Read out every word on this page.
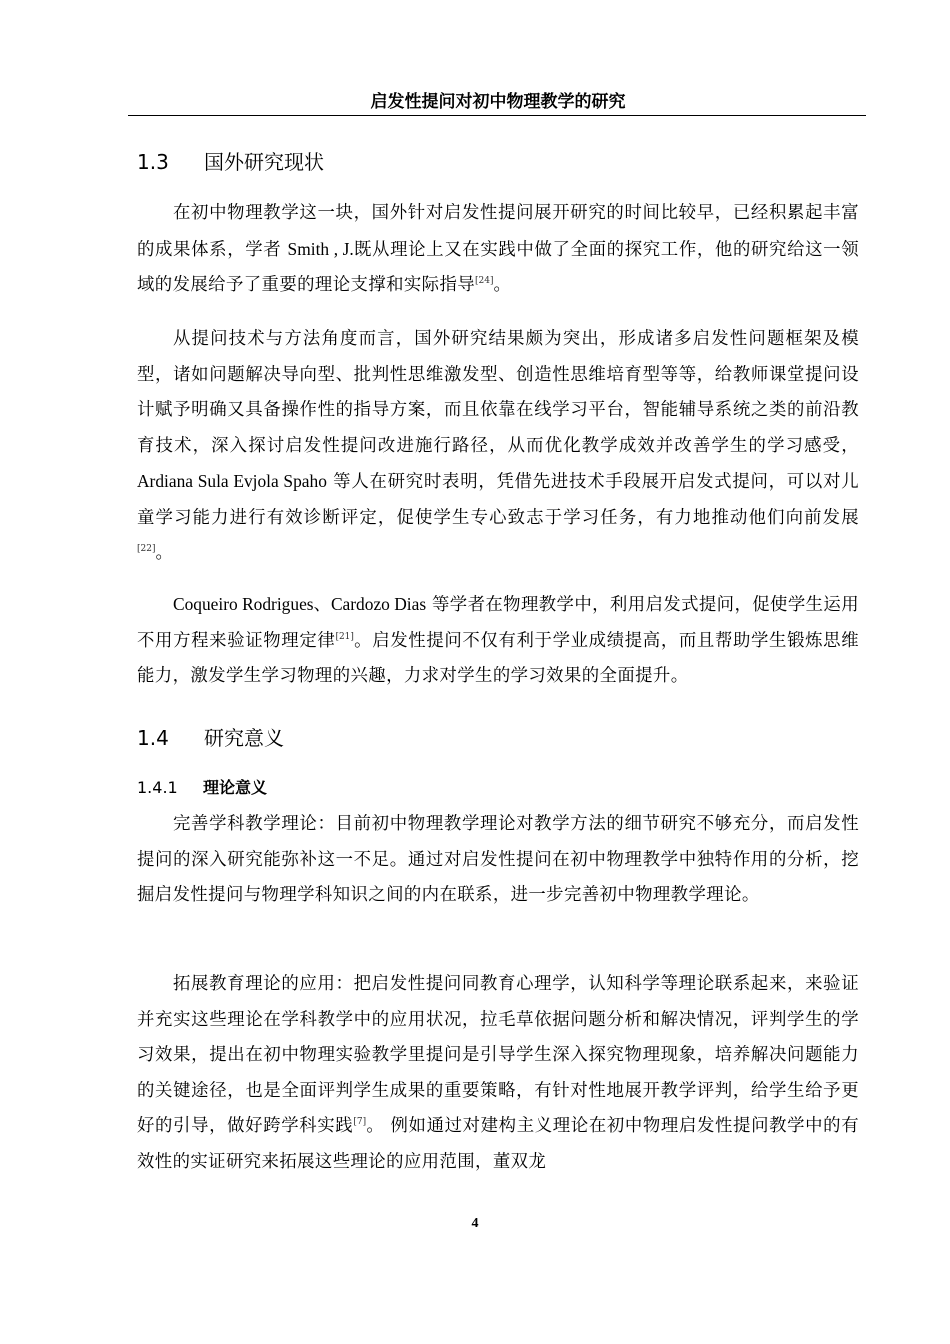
启发性提问对初中物理教学的研究
1.3 国外研究现状

在初中物理教学这一块，国外针对启发性提问展开研究的时间比较早，已经积累起丰富的成果体系，学者 Smith , J.既从理论上又在实践中做了全面的探究工作，他的研究给这一领域的发展给予了重要的理论支撑和实际指导[24]。

从提问技术与方法角度而言，国外研究结果颇为突出，形成诸多启发性问题框架及模型，诸如问题解决导向型、批判性思维激发型、创造性思维培育型等等，给教师课堂提问设计赋予明确又具备操作性的指导方案，而且依靠在线学习平台，智能辅导系统之类的前沿教育技术，深入探讨启发性提问改进施行路径，从而优化教学成效并改善学生的学习感受，Ardiana Sula Evjola Spaho 等人在研究时表明，凭借先进技术手段展开启发式提问，可以对儿童学习能力进行有效诊断评定，促使学生专心致志于学习任务，有力地推动他们向前发展[22]。

Coqueiro Rodrigues、Cardozo Dias 等学者在物理教学中，利用启发式提问，促使学生运用不用方程来验证物理定律[21]。启发性提问不仅有利于学业成绩提高，而且帮助学生锻炼思维能力，激发学生学习物理的兴趣，力求对学生的学习效果的全面提升。

1.4 研究意义
1.4.1 理论意义

完善学科教学理论：目前初中物理教学理论对教学方法的细节研究不够充分，而启发性提问的深入研究能弥补这一不足。通过对启发性提问在初中物理教学中独特作用的分析，挖掘启发性提问与物理学科知识之间的内在联系，进一步完善初中物理教学理论。

拓展教育理论的应用：把启发性提问同教育心理学，认知科学等理论联系起来，来验证并充实这些理论在学科教学中的应用状况，拉毛草依据问题分析和解决情况，评判学生的学习效果，提出在初中物理实验教学里提问是引导学生深入探究物理现象，培养解决问题能力的关键途径，也是全面评判学生成果的重要策略，有针对性地展开教学评判，给学生给予更好的引导，做好跨学科实践[7]。 例如通过对建构主义理论在初中物理启发性提问教学中的有效性的实证研究来拓展这些理论的应用范围，董双龙

4
